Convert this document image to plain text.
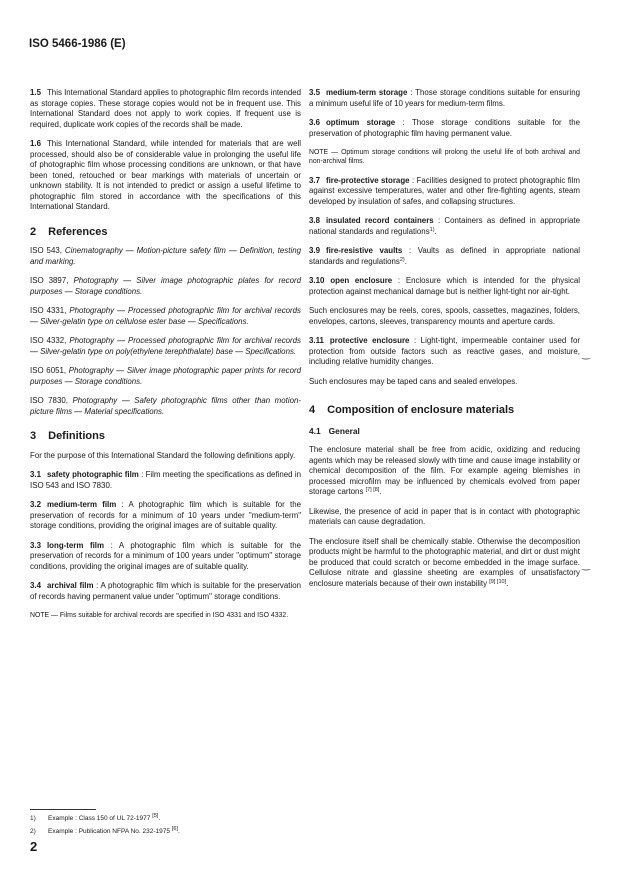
ISO 5466-1986 (E)

1.5 This International Standard applies to photographic film records intended as storage copies. These storage copies would not be in frequent use. This International Standard does not apply to work copies. If frequent use is required, duplicate work copies of the records shall be made.

1.6 This International Standard, while intended for materials that are well processed, should also be of considerable value in prolonging the useful life of photographic film whose processing conditions are unknown, or that have been toned, retouched or bear markings with materials of uncertain or unknown stability. It is not intended to predict or assign a useful lifetime to photographic film stored in accordance with the specifications of this International Standard.

2 References

ISO 543, Cinematography — Motion-picture safety film — Definition, testing and marking.

ISO 3897, Photography — Silver image photographic plates for record purposes — Storage conditions.

ISO 4331, Photography — Processed photographic film for archival records — Silver-gelatin type on cellulose ester base — Specifications.

ISO 4332, Photography — Processed photographic film for archival records — Silver-gelatin type on poly(ethylene terephthalate) base — Specifications.

ISO 6051, Photography — Silver image photographic paper prints for record purposes — Storage conditions.

ISO 7830, Photography — Safety photographic films other than motion-picture films — Material specifications.

3 Definitions

For the purpose of this International Standard the following definitions apply.

3.1 safety photographic film : Film meeting the specifications as defined in ISO 543 and ISO 7830.

3.2 medium-term film : A photographic film which is suitable for the preservation of records for a minimum of 10 years under "medium-term" storage conditions, providing the original images are of suitable quality.

3.3 long-term film : A photographic film which is suitable for the preservation of records for a minimum of 100 years under "optimum" storage conditions, providing the original images are of suitable quality.

3.4 archival film : A photographic film which is suitable for the preservation of records having permanent value under "optimum" storage conditions.

NOTE — Films suitable for archival records are specified in ISO 4331 and ISO 4332.

3.5 medium-term storage : Those storage conditions suitable for ensuring a minimum useful life of 10 years for medium-term films.

3.6 optimum storage : Those storage conditions suitable for the preservation of photographic film having permanent value.

NOTE — Optimum storage conditions will prolong the useful life of both archival and non-archival films.

3.7 fire-protective storage : Facilities designed to protect photographic film against excessive temperatures, water and other fire-fighting agents, steam developed by insulation of safes, and collapsing structures.

3.8 insulated record containers : Containers as defined in appropriate national standards and regulations$^{1)}$.

3.9 fire-resistive vaults : Vaults as defined in appropriate national standards and regulations$^{2)}$.

3.10 open enclosure : Enclosure which is intended for the physical protection against mechanical damage but is neither light-tight nor air-tight.

Such enclosures may be reels, cores, spools, cassettes, magazines, folders, envelopes, cartons, sleeves, transparency mounts and aperture cards.

3.11 protective enclosure : Light-tight, impermeable container used for protection from outside factors such as reactive gases, and moisture, including relative humidity changes.

Such enclosures may be taped cans and sealed envelopes.

4 Composition of enclosure materials
4.1 General

The enclosure material shall be free from acidic, oxidizing and reducing agents which may be released slowly with time and cause image instability or chemical decomposition of the film. For example ageing blemishes in processed microfilm may be influenced by chemicals evolved from paper storage cartons [7] [8].

Likewise, the presence of acid in paper that is in contact with photographic materials can cause degradation.

The enclosure itself shall be chemically stable. Otherwise the decomposition products might be harmful to the photographic material, and dirt or dust might be produced that could scratch or become embedded in the image surface. Cellulose nitrate and glassine sheeting are examples of unsatisfactory enclosure materials because of their own instability [9] [10].

‿
‿
1) Example : Class 150 of UL 72-1977 [5].
2) Example : Publication NFPA No. 232-1975 [6].
2
